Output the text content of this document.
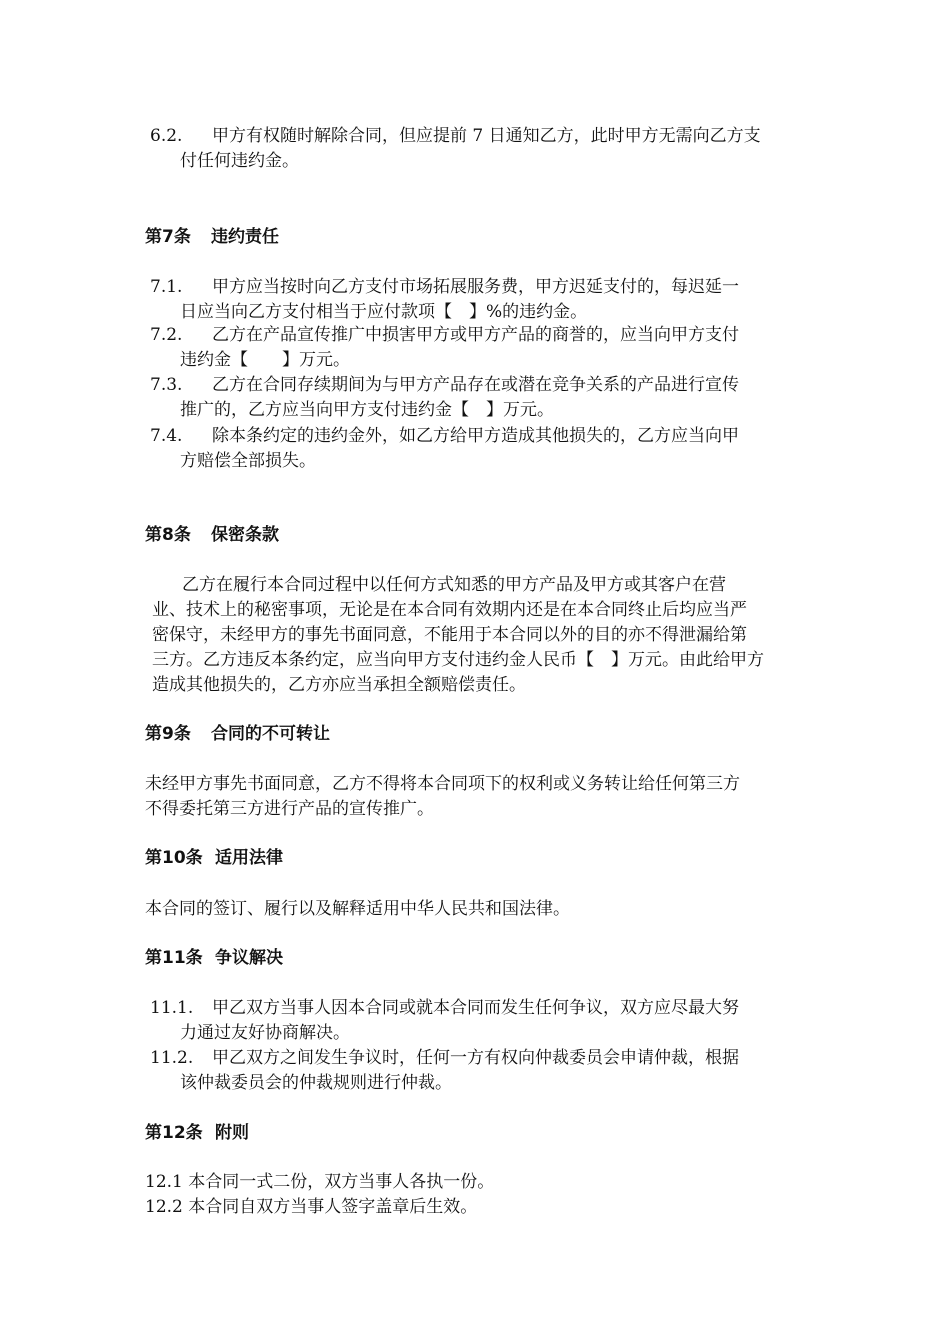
6.2.	甲方有权随时解除合同，但应提前 7 日通知乙方，此时甲方无需向乙方支
付任何违约金。
第7条 违约责任
7.1.	甲方应当按时向乙方支付市场拓展服务费，甲方迟延支付的，每迟延一
日应当向乙方支付相当于应付款项【　】%的违约金。
7.2.	乙方在产品宣传推广中损害甲方或甲方产品的商誉的，应当向甲方支付
违约金【　　】万元。
7.3.	乙方在合同存续期间为与甲方产品存在或潜在竞争关系的产品进行宣传
推广的，乙方应当向甲方支付违约金【　】万元。
7.4.	除本条约定的违约金外，如乙方给甲方造成其他损失的，乙方应当向甲
方赔偿全部损失。
第8条 保密条款
乙方在履行本合同过程中以任何方式知悉的甲方产品及甲方或其客户在营
业、技术上的秘密事项，无论是在本合同有效期内还是在本合同终止后均应当严
密保守，未经甲方的事先书面同意，不能用于本合同以外的目的亦不得泄漏给第
三方。乙方违反本条约定，应当向甲方支付违约金人民币【　】万元。由此给甲方
造成其他损失的，乙方亦应当承担全额赔偿责任。
第9条 合同的不可转让
未经甲方事先书面同意，乙方不得将本合同项下的权利或义务转让给任何第三方
不得委托第三方进行产品的宣传推广。
第10条 适用法律
本合同的签订、履行以及解释适用中华人民共和国法律。
第11条 争议解决
11.1.	甲乙双方当事人因本合同或就本合同而发生任何争议，双方应尽最大努
力通过友好协商解决。
11.2.	甲乙双方之间发生争议时，任何一方有权向仲裁委员会申请仲裁，根据
该仲裁委员会的仲裁规则进行仲裁。
第12条 附则
12.1 本合同一式二份，双方当事人各执一份。
12.2 本合同自双方当事人签字盖章后生效。
